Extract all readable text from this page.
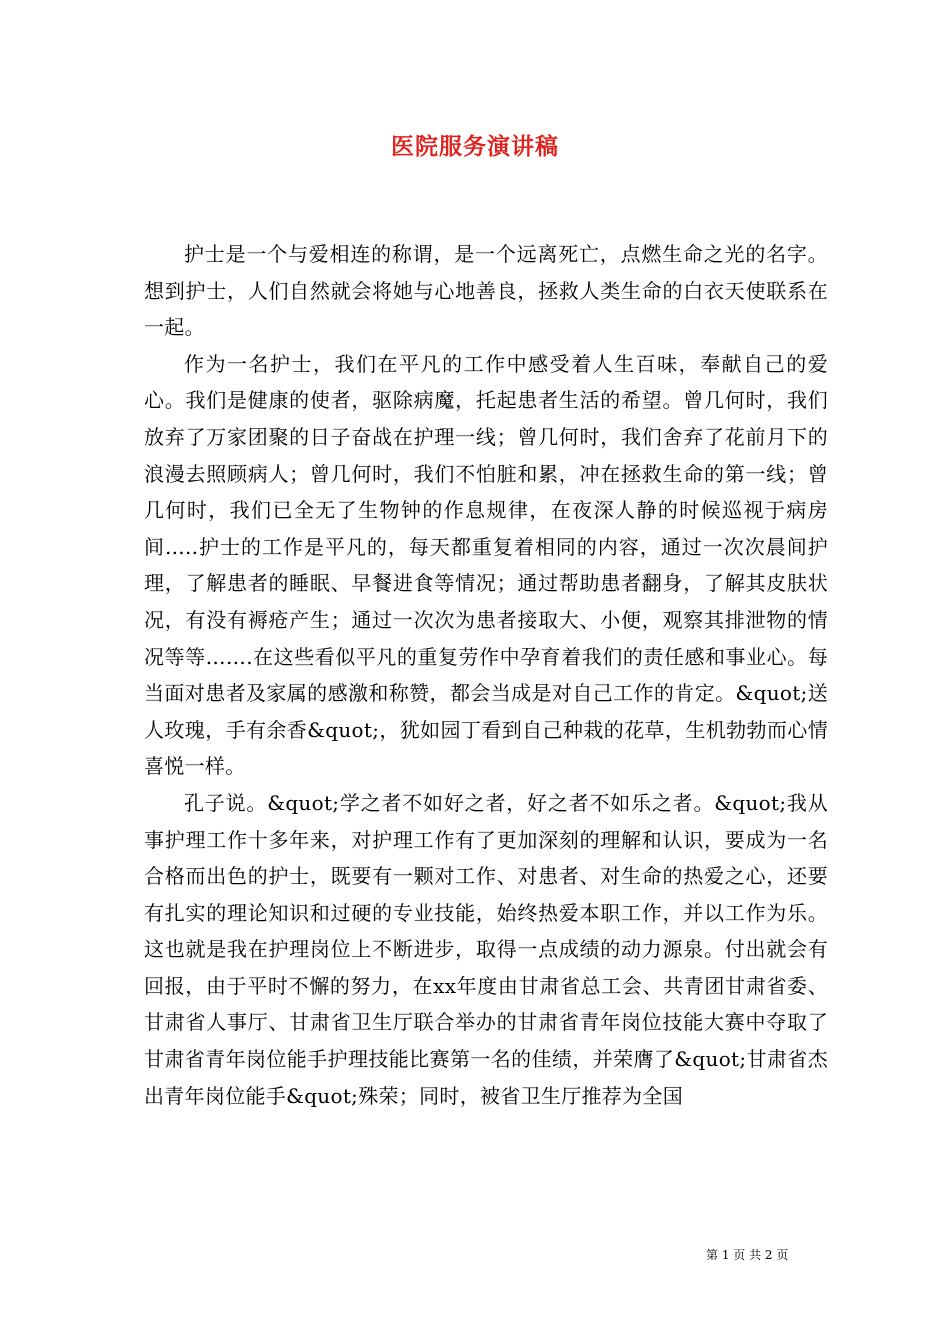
医院服务演讲稿

护士是一个与爱相连的称谓，是一个远离死亡，点燃生命之光的名字。想到护士，人们自然就会将她与心地善良，拯救人类生命的白衣天使联系在一起。

作为一名护士，我们在平凡的工作中感受着人生百味，奉献自己的爱心。我们是健康的使者，驱除病魔，托起患者生活的希望。曾几何时，我们放弃了万家团聚的日子奋战在护理一线；曾几何时，我们舍弃了花前月下的浪漫去照顾病人；曾几何时，我们不怕脏和累，冲在拯救生命的第一线；曾几何时，我们已全无了生物钟的作息规律，在夜深人静的时候巡视于病房间.....护士的工作是平凡的，每天都重复着相同的内容，通过一次次晨间护理，了解患者的睡眠、早餐进食等情况；通过帮助患者翻身，了解其皮肤状况，有没有褥疮产生；通过一次次为患者接取大、小便，观察其排泄物的情况等等…….在这些看似平凡的重复劳作中孕育着我们的责任感和事业心。每当面对患者及家属的感激和称赞，都会当成是对自己工作的肯定。&quot;送人玫瑰，手有余香&quot;，犹如园丁看到自己种栽的花草，生机勃勃而心情喜悦一样。

孔子说。&quot;学之者不如好之者，好之者不如乐之者。&quot;我从事护理工作十多年来，对护理工作有了更加深刻的理解和认识，要成为一名合格而出色的护士，既要有一颗对工作、对患者、对生命的热爱之心，还要有扎实的理论知识和过硬的专业技能，始终热爱本职工作，并以工作为乐。这也就是我在护理岗位上不断进步，取得一点成绩的动力源泉。付出就会有回报，由于平时不懈的努力，在xx年度由甘肃省总工会、共青团甘肃省委、甘肃省人事厅、甘肃省卫生厅联合举办的甘肃省青年岗位技能大赛中夺取了甘肃省青年岗位能手护理技能比赛第一名的佳绩，并荣膺了&quot;甘肃省杰出青年岗位能手&quot;殊荣；同时，被省卫生厅推荐为全国

第 1 页 共 2 页
